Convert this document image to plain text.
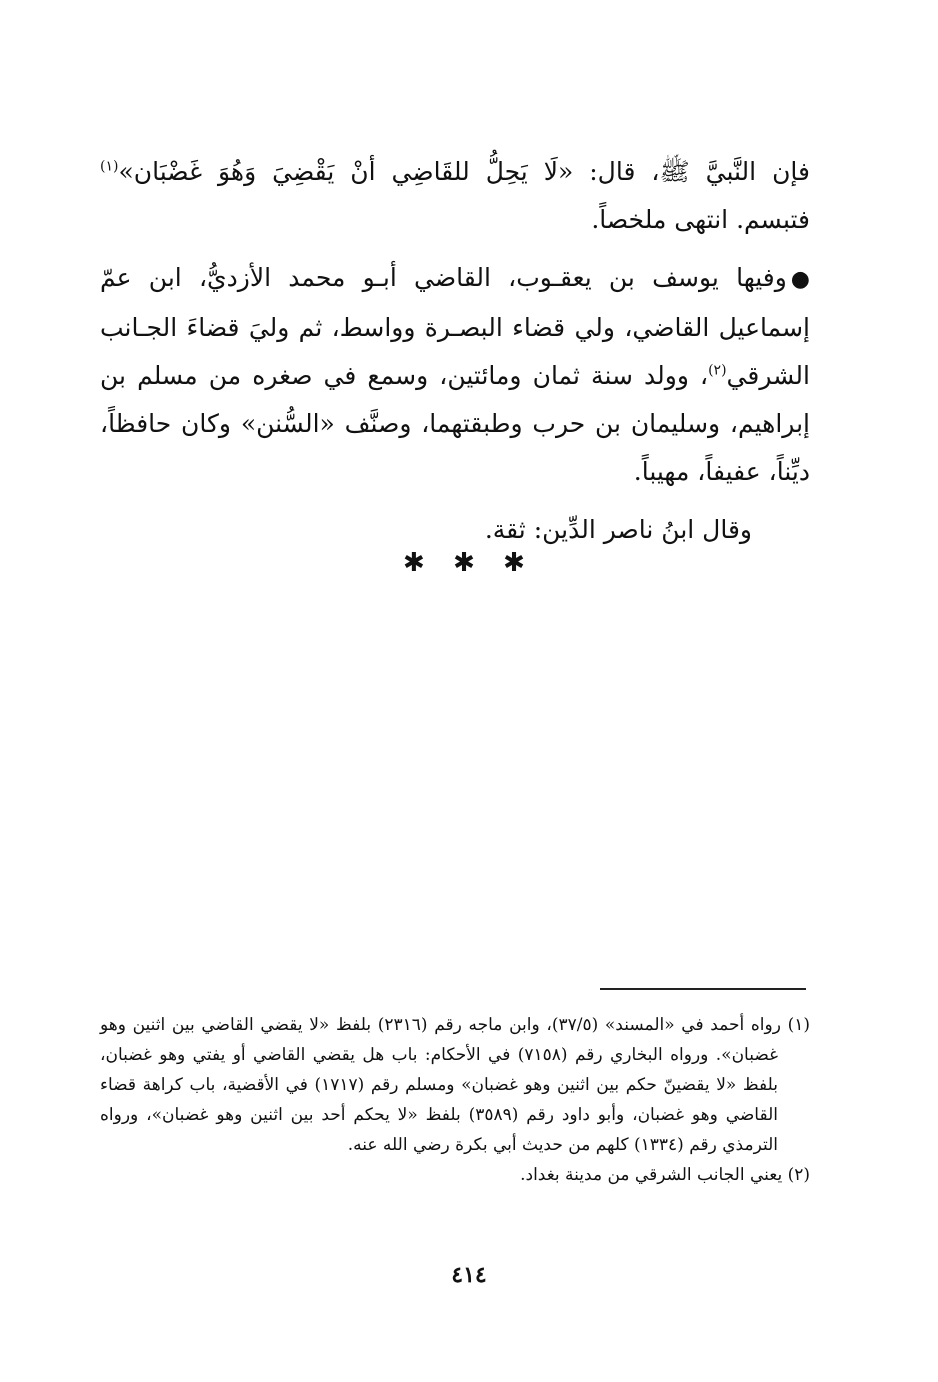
فإن النَّبيَّ ﷺ، قال: «لَا يَحِلُّ للقَاضِي أنْ يَقْضِيَ وَهُوَ غَضْبَان»$^{(١)}$ فتبسم. انتهى ملخصاً.

●وفيها يوسف بن يعقـوب، القاضي أبـو محمد الأزديُّ، ابن عمّ إسماعيل القاضي، ولي قضاء البصـرة وواسط، ثم وليَ قضاءَ الجـانب الشرقي$^{(٢)}$، وولد سنة ثمان ومائتين، وسمع في صغره من مسلم بن إبراهيم، وسليمان بن حرب وطبقتهما، وصنَّف «السُّنن» وكان حافظاً، ديِّناً، عفيفاً، مهيباً.

وقال ابنُ ناصر الدِّين: ثقة.

✱ ✱ ✱

(١) رواه أحمد في «المسند» (٣٧/٥)، وابن ماجه رقم (٢٣١٦) بلفظ «لا يقضي القاضي بين اثنين وهو غضبان». ورواه البخاري رقم (٧١٥٨) في الأحكام: باب هل يقضي القاضي أو يفتي وهو غضبان، بلفظ «لا يقضينّ حكم بين اثنين وهو غضبان» ومسلم رقم (١٧١٧) في الأقضية، باب كراهة قضاء القاضي وهو غضبان، وأبو داود رقم (٣٥٨٩) بلفظ «لا يحكم أحد بين اثنين وهو غضبان»، ورواه الترمذي رقم (١٣٣٤) كلهم من حديث أبي بكرة رضي الله عنه.

(٢) يعني الجانب الشرقي من مدينة بغداد.

٤١٤
